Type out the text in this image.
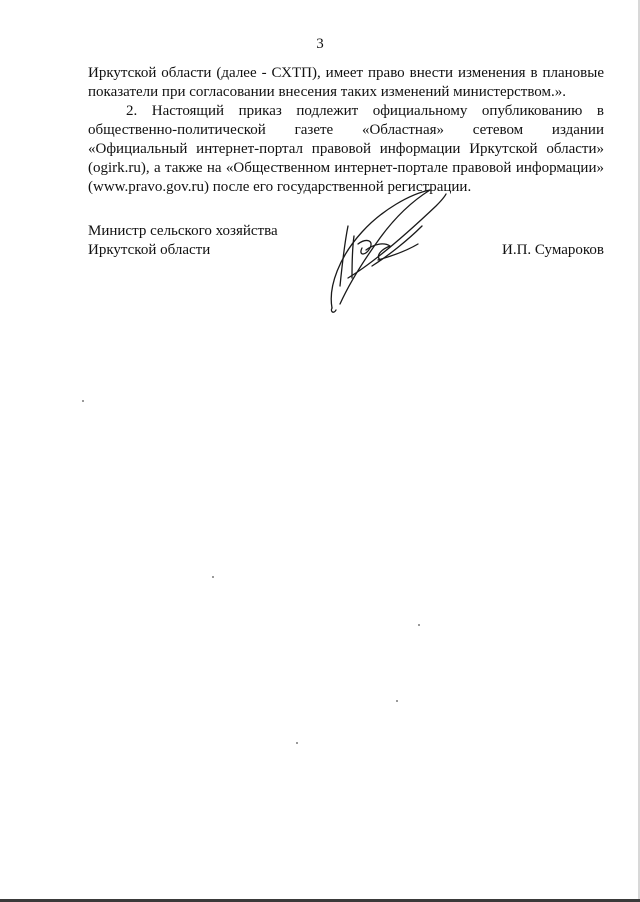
3

Иркутской области (далее - СХТП), имеет право внести изменения в плановые показатели при согласовании внесения таких изменений министерством.».

2. Настоящий приказ подлежит официальному опубликованию в общественно-политической газете «Областная» сетевом издании «Официальный интернет-портал правовой информации Иркутской области» (ogirk.ru), а также на «Общественном интернет-портале правовой информации» (www.pravo.gov.ru) после его государственной регистрации.

Министр сельского хозяйства
Иркутской области	И.П. Сумароков
